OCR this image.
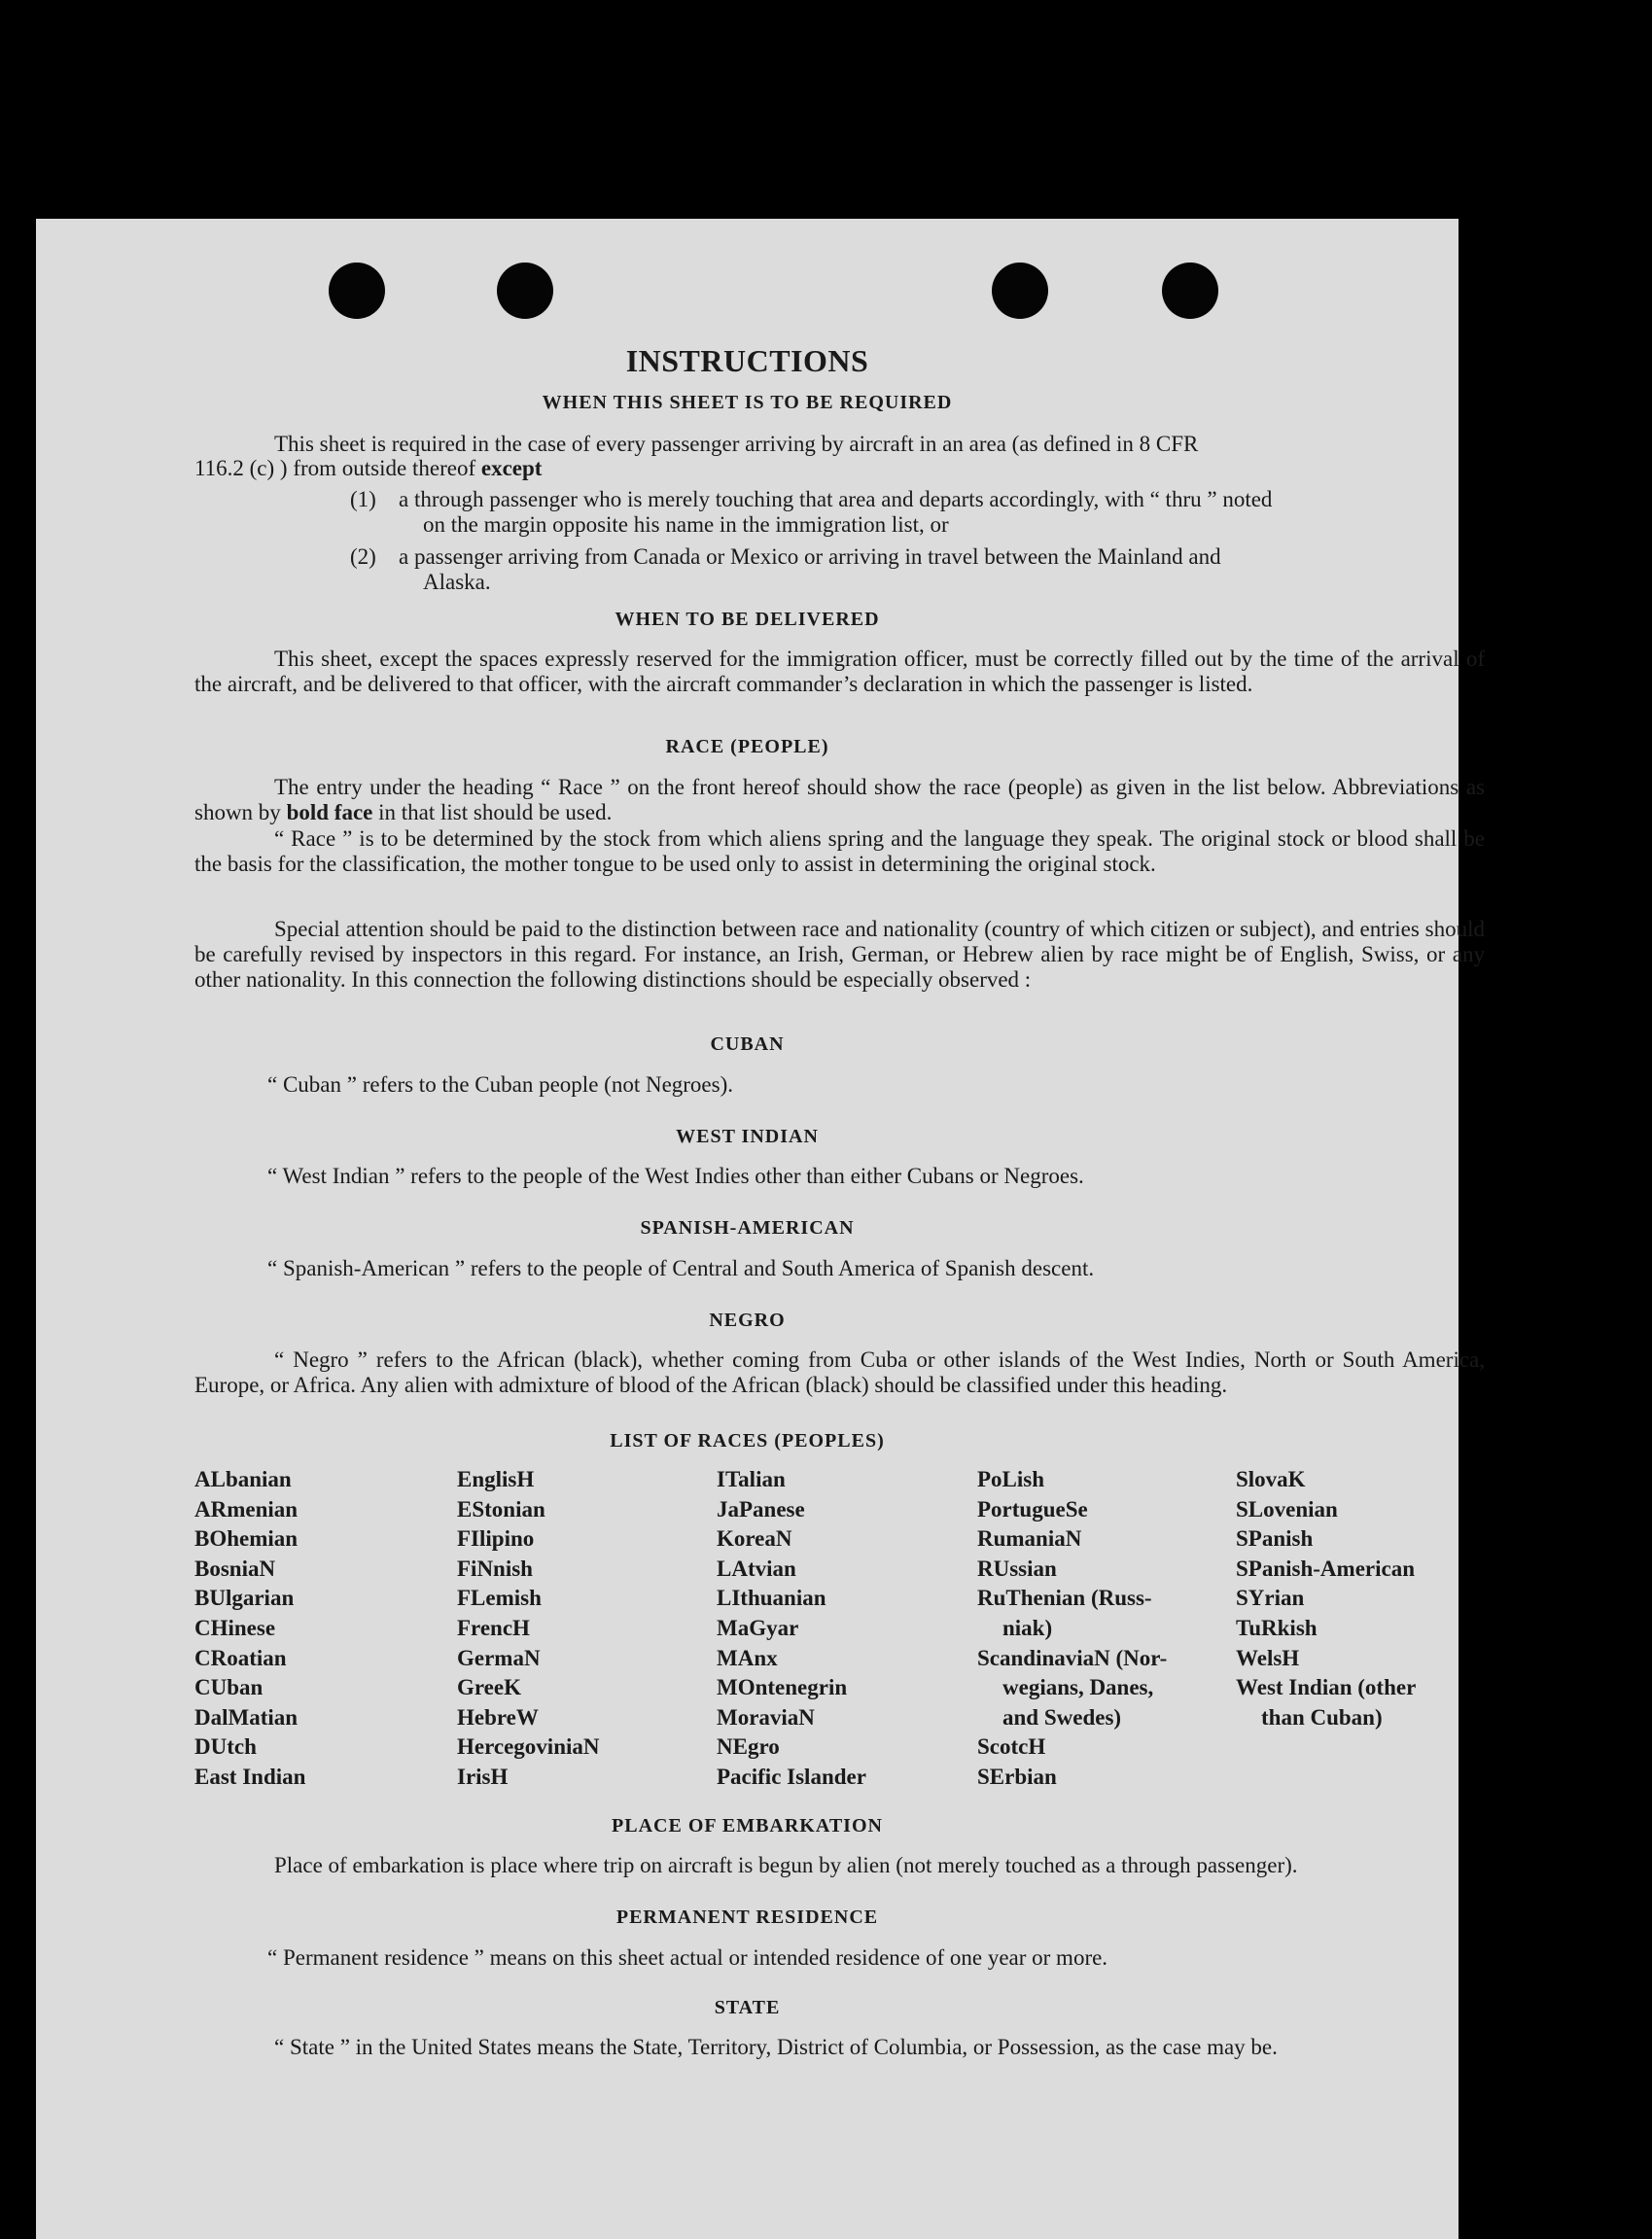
INSTRUCTIONS
WHEN THIS SHEET IS TO BE REQUIRED
This sheet is required in the case of every passenger arriving by aircraft in an area (as defined in 8 CFR
116.2 (c) ) from outside thereof except
(1) a through passenger who is merely touching that area and departs accordingly, with “ thru ” noted
on the margin opposite his name in the immigration list, or
(2) a passenger arriving from Canada or Mexico or arriving in travel between the Mainland and
Alaska.
WHEN TO BE DELIVERED
This sheet, except the spaces expressly reserved for the immigration officer, must be correctly filled out by the time of the arrival of the aircraft, and be delivered to that officer, with the aircraft commander’s declaration in which the passenger is listed.
RACE (PEOPLE)
The entry under the heading “ Race ” on the front hereof should show the race (people) as given in the list below. Abbreviations as shown by bold face in that list should be used.
“ Race ” is to be determined by the stock from which aliens spring and the language they speak. The original stock or blood shall be the basis for the classification, the mother tongue to be used only to assist in determining the original stock.
Special attention should be paid to the distinction between race and nationality (country of which citizen or subject), and entries should be carefully revised by inspectors in this regard. For instance, an Irish, German, or Hebrew alien by race might be of English, Swiss, or any other nationality. In this connection the following distinctions should be especially observed :
CUBAN
“ Cuban ” refers to the Cuban people (not Negroes).
WEST INDIAN
“ West Indian ” refers to the people of the West Indies other than either Cubans or Negroes.
SPANISH-AMERICAN
“ Spanish-American ” refers to the people of Central and South America of Spanish descent.
NEGRO
“ Negro ” refers to the African (black), whether coming from Cuba or other islands of the West Indies, North or South America, Europe, or Africa. Any alien with admixture of blood of the African (black) should be classified under this heading.
LIST OF RACES (PEOPLES)
ALbanian
ARmenian
BOhemian
BosniaN
BUlgarian
CHinese
CRoatian
CUban
DalMatian
DUtch
East Indian
EnglisH
EStonian
FIlipino
FiNnish
FLemish
FrencH
GermaN
GreeK
HebreW
HercegoviniaN
IrisH
ITalian
JaPanese
KoreaN
LAtvian
LIthuanian
MaGyar
MAnx
MOntenegrin
MoraviaN
NEgro
Pacific Islander
PoLish
PortugueSe
RumaniaN
RUssian
RuThenian (Russ-
niak)
ScandinaviaN (Nor-
wegians, Danes,
and Swedes)
ScotcH
SErbian
SlovaK
SLovenian
SPanish
SPanish-American
SYrian
TuRkish
WelsH
West Indian (other
than Cuban)
PLACE OF EMBARKATION
Place of embarkation is place where trip on aircraft is begun by alien (not merely touched as a through passenger).
PERMANENT RESIDENCE
“ Permanent residence ” means on this sheet actual or intended residence of one year or more.
STATE
“ State ” in the United States means the State, Territory, District of Columbia, or Possession, as the case may be.
